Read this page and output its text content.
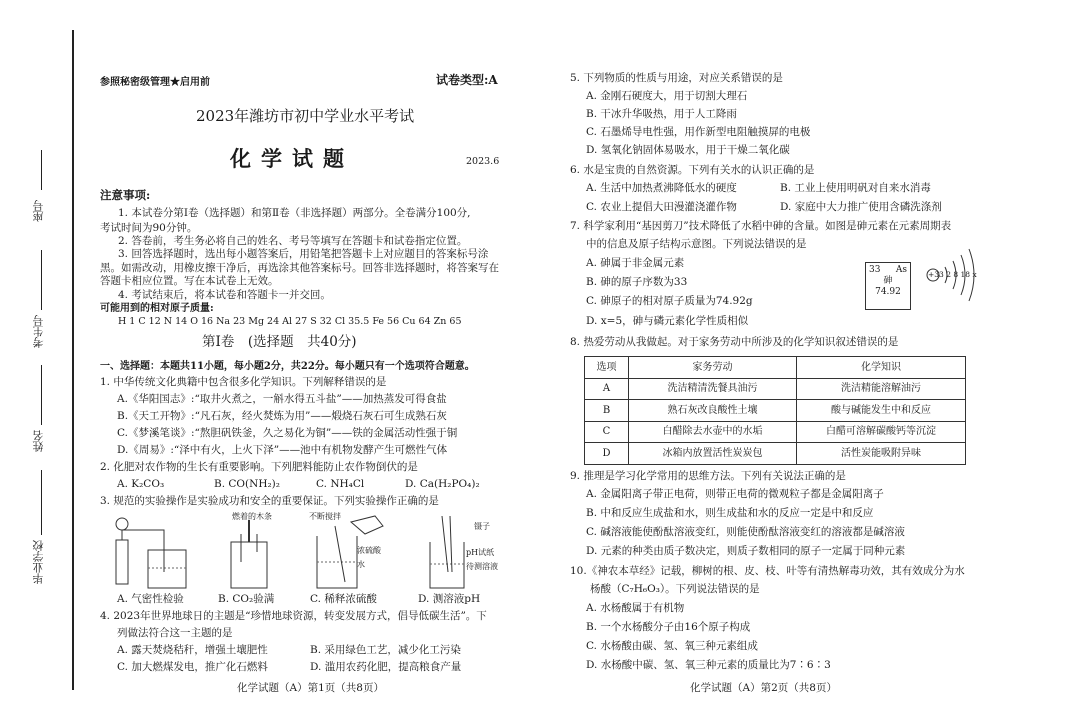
座号
考生号
姓名
毕业学校
参照秘密级管理★启用前	试卷类型:A
2023年潍坊市初中学业水平考试
化学试题	2023.6
注意事项:
1. 本试卷分第Ⅰ卷（选择题）和第Ⅱ卷（非选择题）两部分。全卷满分100分,
考试时间为90分钟。
2. 答卷前，考生务必将自己的姓名、考号等填写在答题卡和试卷指定位置。
3. 回答选择题时，选出每小题答案后，用铅笔把答题卡上对应题目的答案标号涂
黑。如需改动，用橡皮擦干净后，再选涂其他答案标号。回答非选择题时，将答案写在
答题卡相应位置。写在本试卷上无效。
4. 考试结束后，将本试卷和答题卡一并交回。
可能用到的相对原子质量:
H 1 C 12 N 14 O 16 Na 23 Mg 24 Al 27 S 32 Cl 35.5 Fe 56 Cu 64 Zn 65
第Ⅰ卷　(选择题　共40分)
一、选择题：本题共11小题，每小题2分，共22分。每小题只有一个选项符合题意。
1. 中华传统文化典籍中包含很多化学知识。下列解释错误的是
A.《华阳国志》:“取井火煮之，一斛水得五斗盐”——加热蒸发可得食盐
B.《天工开物》:“凡石灰，经火焚炼为用”——煅烧石灰石可生成熟石灰
C.《梦溪笔谈》:“熬胆矾铁釜，久之易化为铜”——铁的金属活动性强于铜
D.《周易》:“泽中有火，上火下泽”——池中有机物发酵产生可燃性气体
2. 化肥对农作物的生长有重要影响。下列肥料能防止农作物倒伏的是
A. K₂CO₃	B. CO(NH₂)₂	C. NH₄Cl	D. Ca(H₂PO₄)₂
3. 规范的实验操作是实验成功和安全的重要保证。下列实验操作正确的是
燃着的木条	不断搅拌
浓硫酸
水
镊子
pH试纸
待测溶液
A. 气密性检验	B. CO₂验满	C. 稀释浓硫酸	D. 测溶液pH
4. 2023年世界地球日的主题是“珍惜地球资源，转变发展方式，倡导低碳生活”。下
列做法符合这一主题的是
A. 露天焚烧秸秆，增强土壤肥性	B. 采用绿色工艺，减少化工污染
C. 加大燃煤发电，推广化石燃料	D. 滥用农药化肥，提高粮食产量
化学试题（A）第1页（共8页）
5. 下列物质的性质与用途，对应关系错误的是
A. 金刚石硬度大，用于切割大理石
B. 干冰升华吸热，用于人工降雨
C. 石墨烯导电性强，用作新型电阻触摸屏的电极
D. 氢氧化钠固体易吸水，用于干燥二氧化碳
6. 水是宝贵的自然资源。下列有关水的认识正确的是
A. 生活中加热煮沸降低水的硬度	B. 工业上使用明矾对自来水消毒
C. 农业上提倡大田漫灌浇灌作物	D. 家庭中大力推广使用含磷洗涤剂
7. 科学家利用“基因剪刀”技术降低了水稻中砷的含量。如图是砷元素在元素周期表
中的信息及原子结构示意图。下列说法错误的是
A. 砷属于非金属元素
B. 砷的原子序数为33
C. 砷原子的相对原子质量为74.92g
D. x=5，砷与磷元素化学性质相似
33 As
砷
74.92
+33 2 8 18 x
8. 热爱劳动从我做起。对于家务劳动中所涉及的化学知识叙述错误的是
选项	家务劳动	化学知识
A	洗洁精清洗餐具油污	洗洁精能溶解油污
B	熟石灰改良酸性土壤	酸与碱能发生中和反应
C	白醋除去水壶中的水垢	白醋可溶解碳酸钙等沉淀
D	冰箱内放置活性炭炭包	活性炭能吸附异味
9. 推理是学习化学常用的思维方法。下列有关说法正确的是
A. 金属阳离子带正电荷，则带正电荷的微观粒子都是金属阳离子
B. 中和反应生成盐和水，则生成盐和水的反应一定是中和反应
C. 碱溶液能使酚酞溶液变红，则能使酚酞溶液变红的溶液都是碱溶液
D. 元素的种类由质子数决定，则质子数相同的原子一定属于同种元素
10.《神农本草经》记载，柳树的根、皮、枝、叶等有清热解毒功效，其有效成分为水
杨酸（C₇H₆O₃）。下列说法错误的是
A. 水杨酸属于有机物
B. 一个水杨酸分子由16个原子构成
C. 水杨酸由碳、氢、氧三种元素组成
D. 水杨酸中碳、氢、氧三种元素的质量比为7∶6∶3
化学试题（A）第2页（共8页）
